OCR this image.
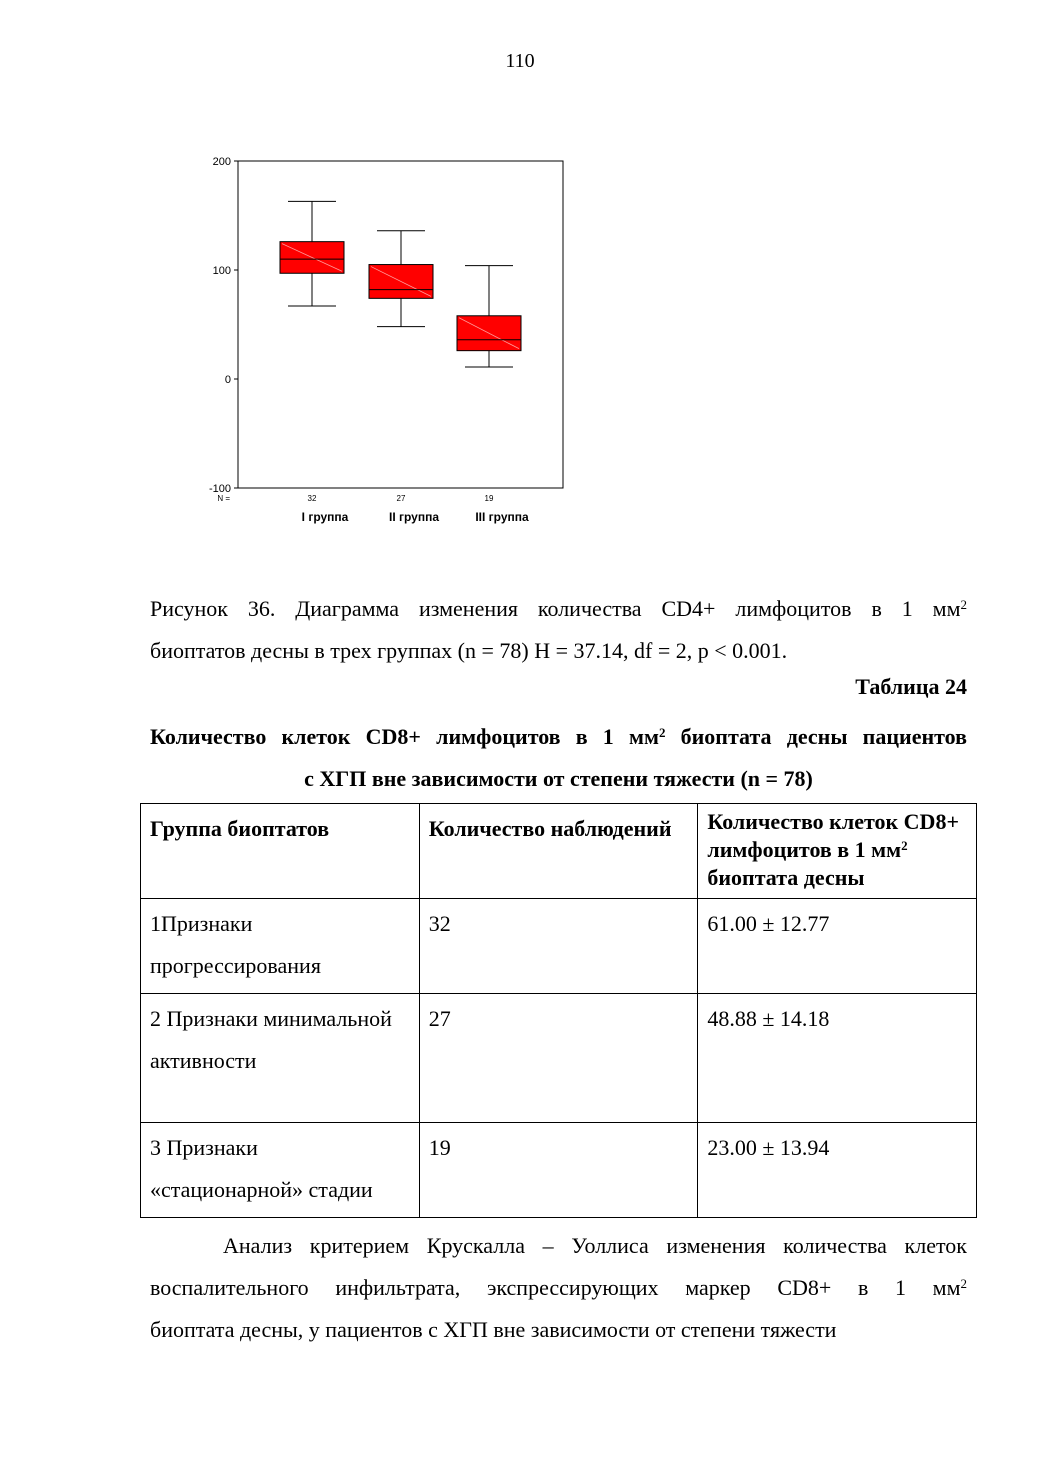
110
200
100
0
-100
N =	32
I группа
27
II группа
19
III группа
Рисунок 36. Диаграмма изменения количества CD4+ лимфоцитов в 1 $мм^2$
биоптатов десны в трех группах (n = 78) H = 37.14, df = 2, p < 0.001.
Таблица 24
Количество клеток CD8+ лимфоцитов в 1 $мм^2$ биоптата десны пациентов
с ХГП вне зависимости от степени тяжести (n = 78)
Группа биоптатов	Количество наблюдений	Количество клеток CD8+ лимфоцитов в 1 $мм^2$ биоптата десны
1Признаки прогрессирования	32	61.00 ± 12.77
2 Признаки минимальной активности	27	48.88 ± 14.18
3 Признаки «стационарной» стадии	19	23.00 ± 13.94
Анализ критерием Крускалла – Уоллиса изменения количества клеток
воспалительного инфильтрата, экспрессирующих маркер CD8+ в 1 $мм^2$
биоптата десны, у пациентов с ХГП вне зависимости от степени тяжести
